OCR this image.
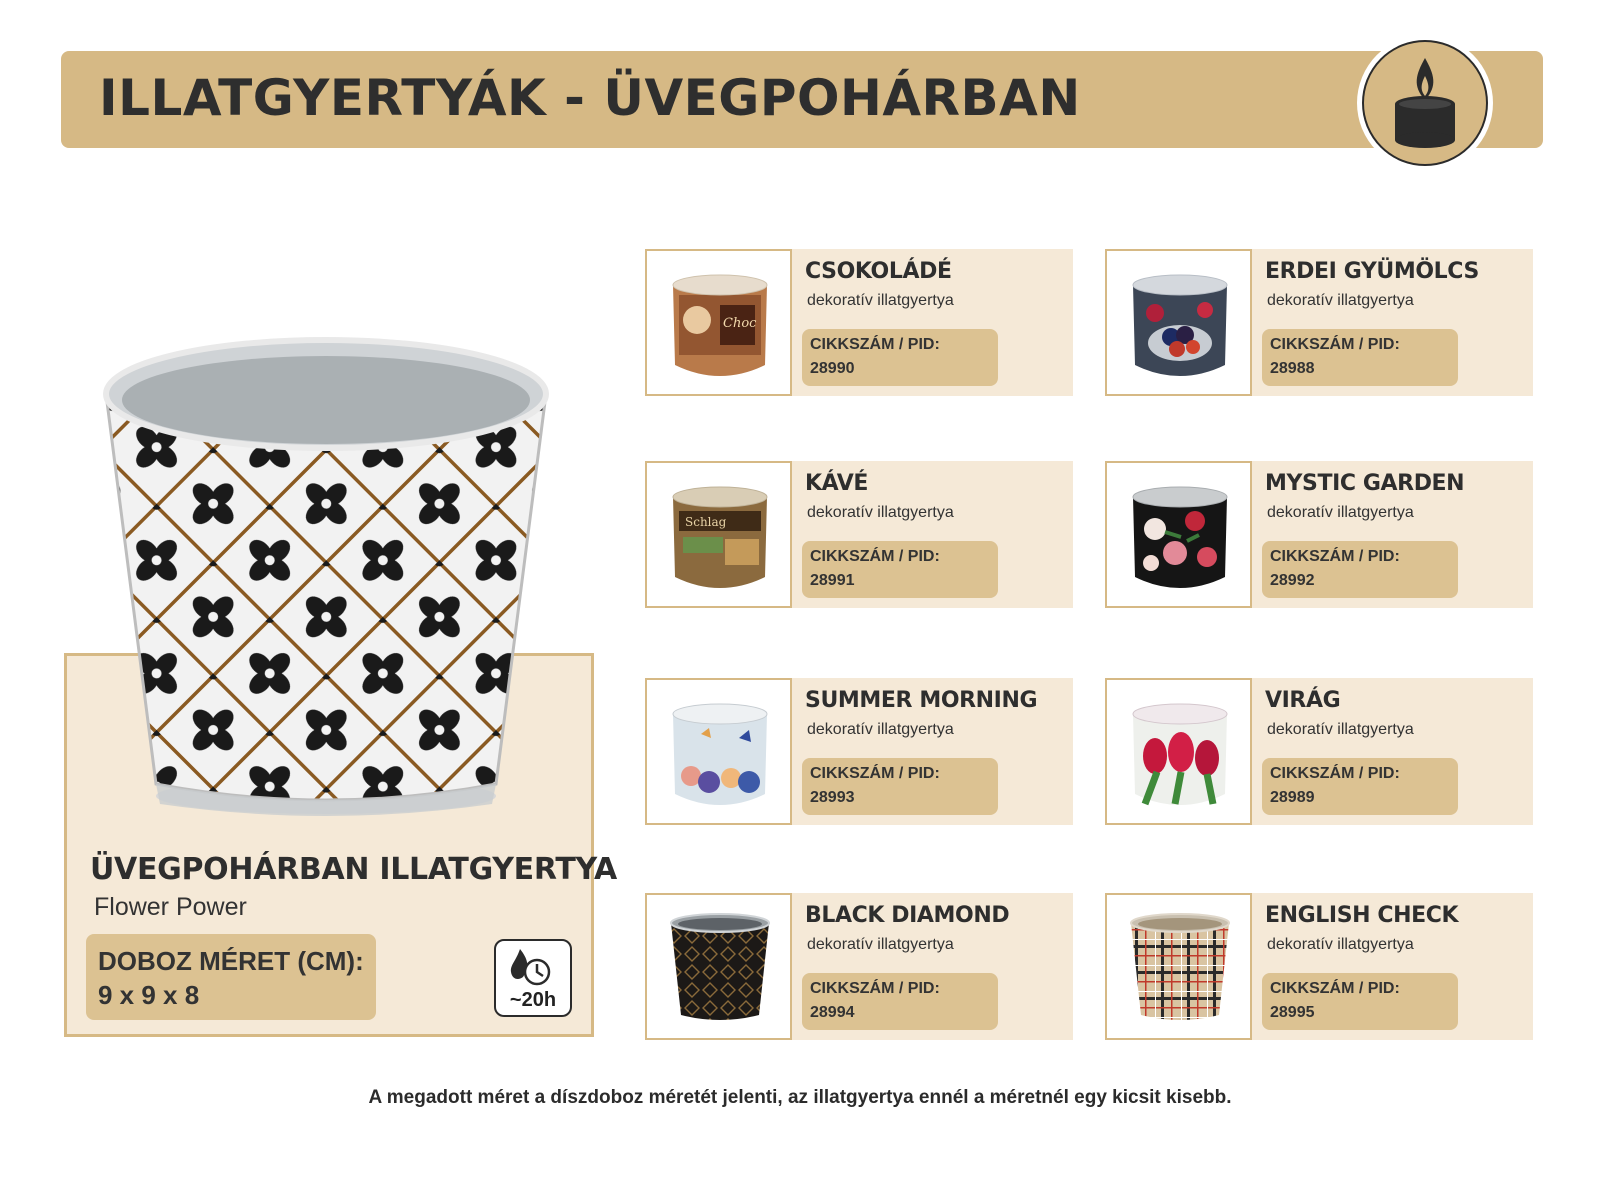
ILLATGYERTYÁK - ÜVEGPOHÁRBAN
ÜVEGPOHÁRBAN ILLATGYERTYA
Flower Power
DOBOZ MÉRET (CM):
9 x 9 x 8	~20h
Choc
CSOKOLÁDÉ
dekoratív illatgyertya
CIKKSZÁM / PID:
28990
ERDEI GYÜMÖLCS
dekoratív illatgyertya
CIKKSZÁM / PID:
28988
Schlag
KÁVÉ
dekoratív illatgyertya
CIKKSZÁM / PID:
28991
MYSTIC GARDEN
dekoratív illatgyertya
CIKKSZÁM / PID:
28992
SUMMER MORNING
dekoratív illatgyertya
CIKKSZÁM / PID:
28993
VIRÁG
dekoratív illatgyertya
CIKKSZÁM / PID:
28989
BLACK DIAMOND
dekoratív illatgyertya
CIKKSZÁM / PID:
28994
ENGLISH CHECK
dekoratív illatgyertya
CIKKSZÁM / PID:
28995
A megadott méret a díszdoboz méretét jelenti, az illatgyertya ennél a méretnél egy kicsit kisebb.
